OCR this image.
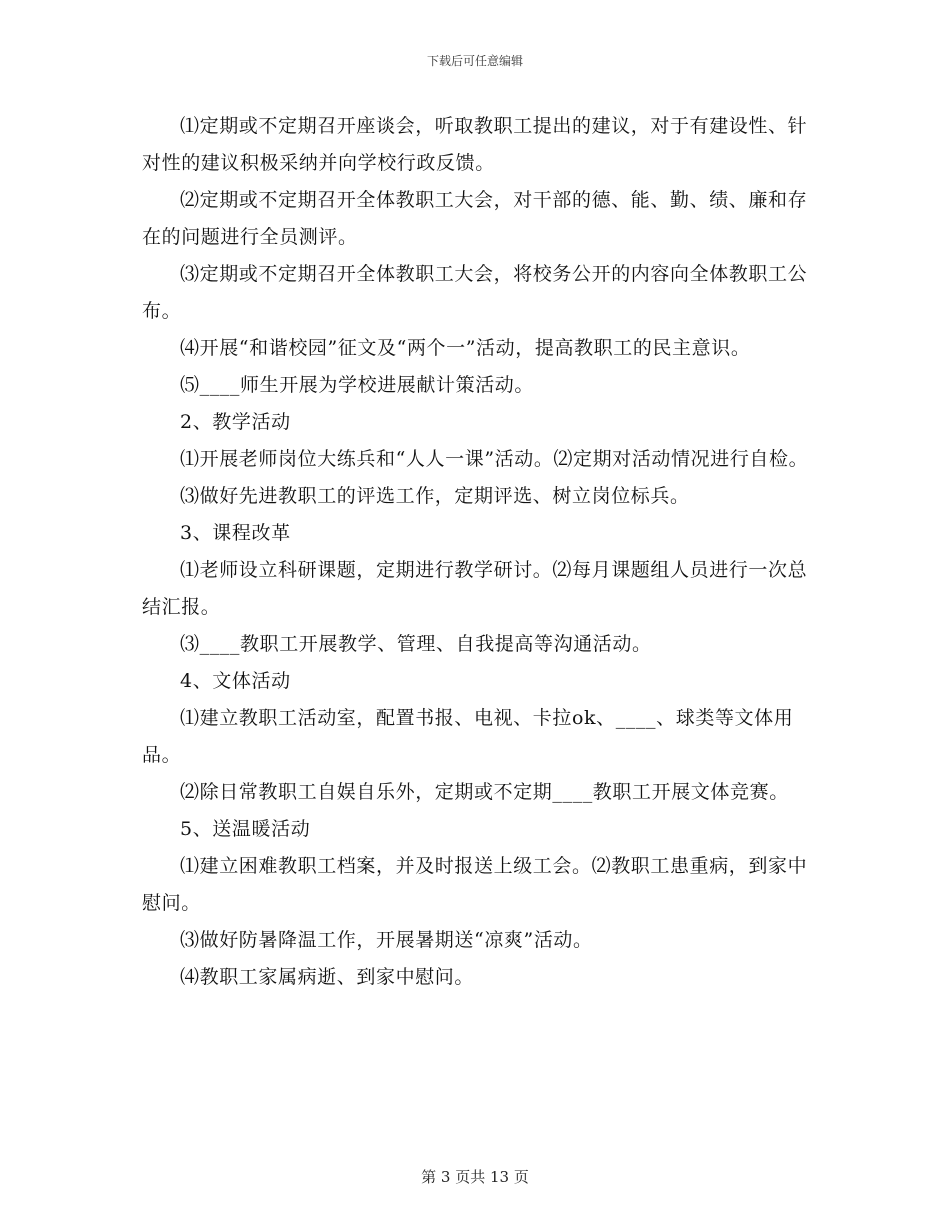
下载后可任意编辑

⑴定期或不定期召开座谈会，听取教职工提出的建议，对于有建设性、针对性的建议积极采纳并向学校行政反馈。

⑵定期或不定期召开全体教职工大会，对干部的德、能、勤、绩、廉和存在的问题进行全员测评。

⑶定期或不定期召开全体教职工大会，将校务公开的内容向全体教职工公布。

⑷开展“和谐校园”征文及“两个一”活动，提高教职工的民主意识。

⑸____师生开展为学校进展献计策活动。

2、教学活动

⑴开展老师岗位大练兵和“人人一课”活动。⑵定期对活动情况进行自检。

⑶做好先进教职工的评选工作，定期评选、树立岗位标兵。

3、课程改革

⑴老师设立科研课题，定期进行教学研讨。⑵每月课题组人员进行一次总结汇报。

⑶____教职工开展教学、管理、自我提高等沟通活动。

4、文体活动

⑴建立教职工活动室，配置书报、电视、卡拉ok、____、球类等文体用品。

⑵除日常教职工自娱自乐外，定期或不定期____教职工开展文体竞赛。

5、送温暖活动

⑴建立困难教职工档案，并及时报送上级工会。⑵教职工患重病，到家中慰问。

⑶做好防暑降温工作，开展暑期送“凉爽”活动。

⑷教职工家属病逝、到家中慰问。

第 3 页共 13 页
